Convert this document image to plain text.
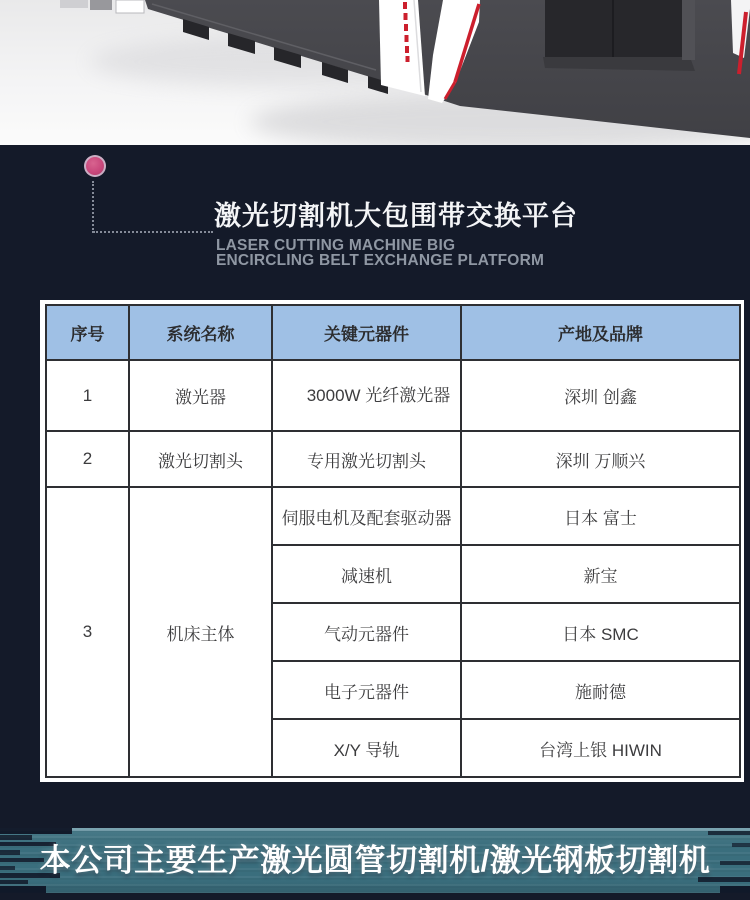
激光切割机大包围带交换平台
LASER CUTTING MACHINE BIG
ENCIRCLING BELT EXCHANGE PLATFORM
序号	系统名称	关键元器件	产地及品牌
1	激光器	3000W 光纤激光器	深圳 创鑫
2	激光切割头	专用激光切割头	深圳 万顺兴
3	机床主体	伺服电机及配套驱动器	日本 富士
		减速机	新宝
		气动元器件	日本 SMC
		电子元器件	施耐德
		X/Y 导轨	台湾上银 HIWIN
本公司主要生产激光圆管切割机/激光钢板切割机
